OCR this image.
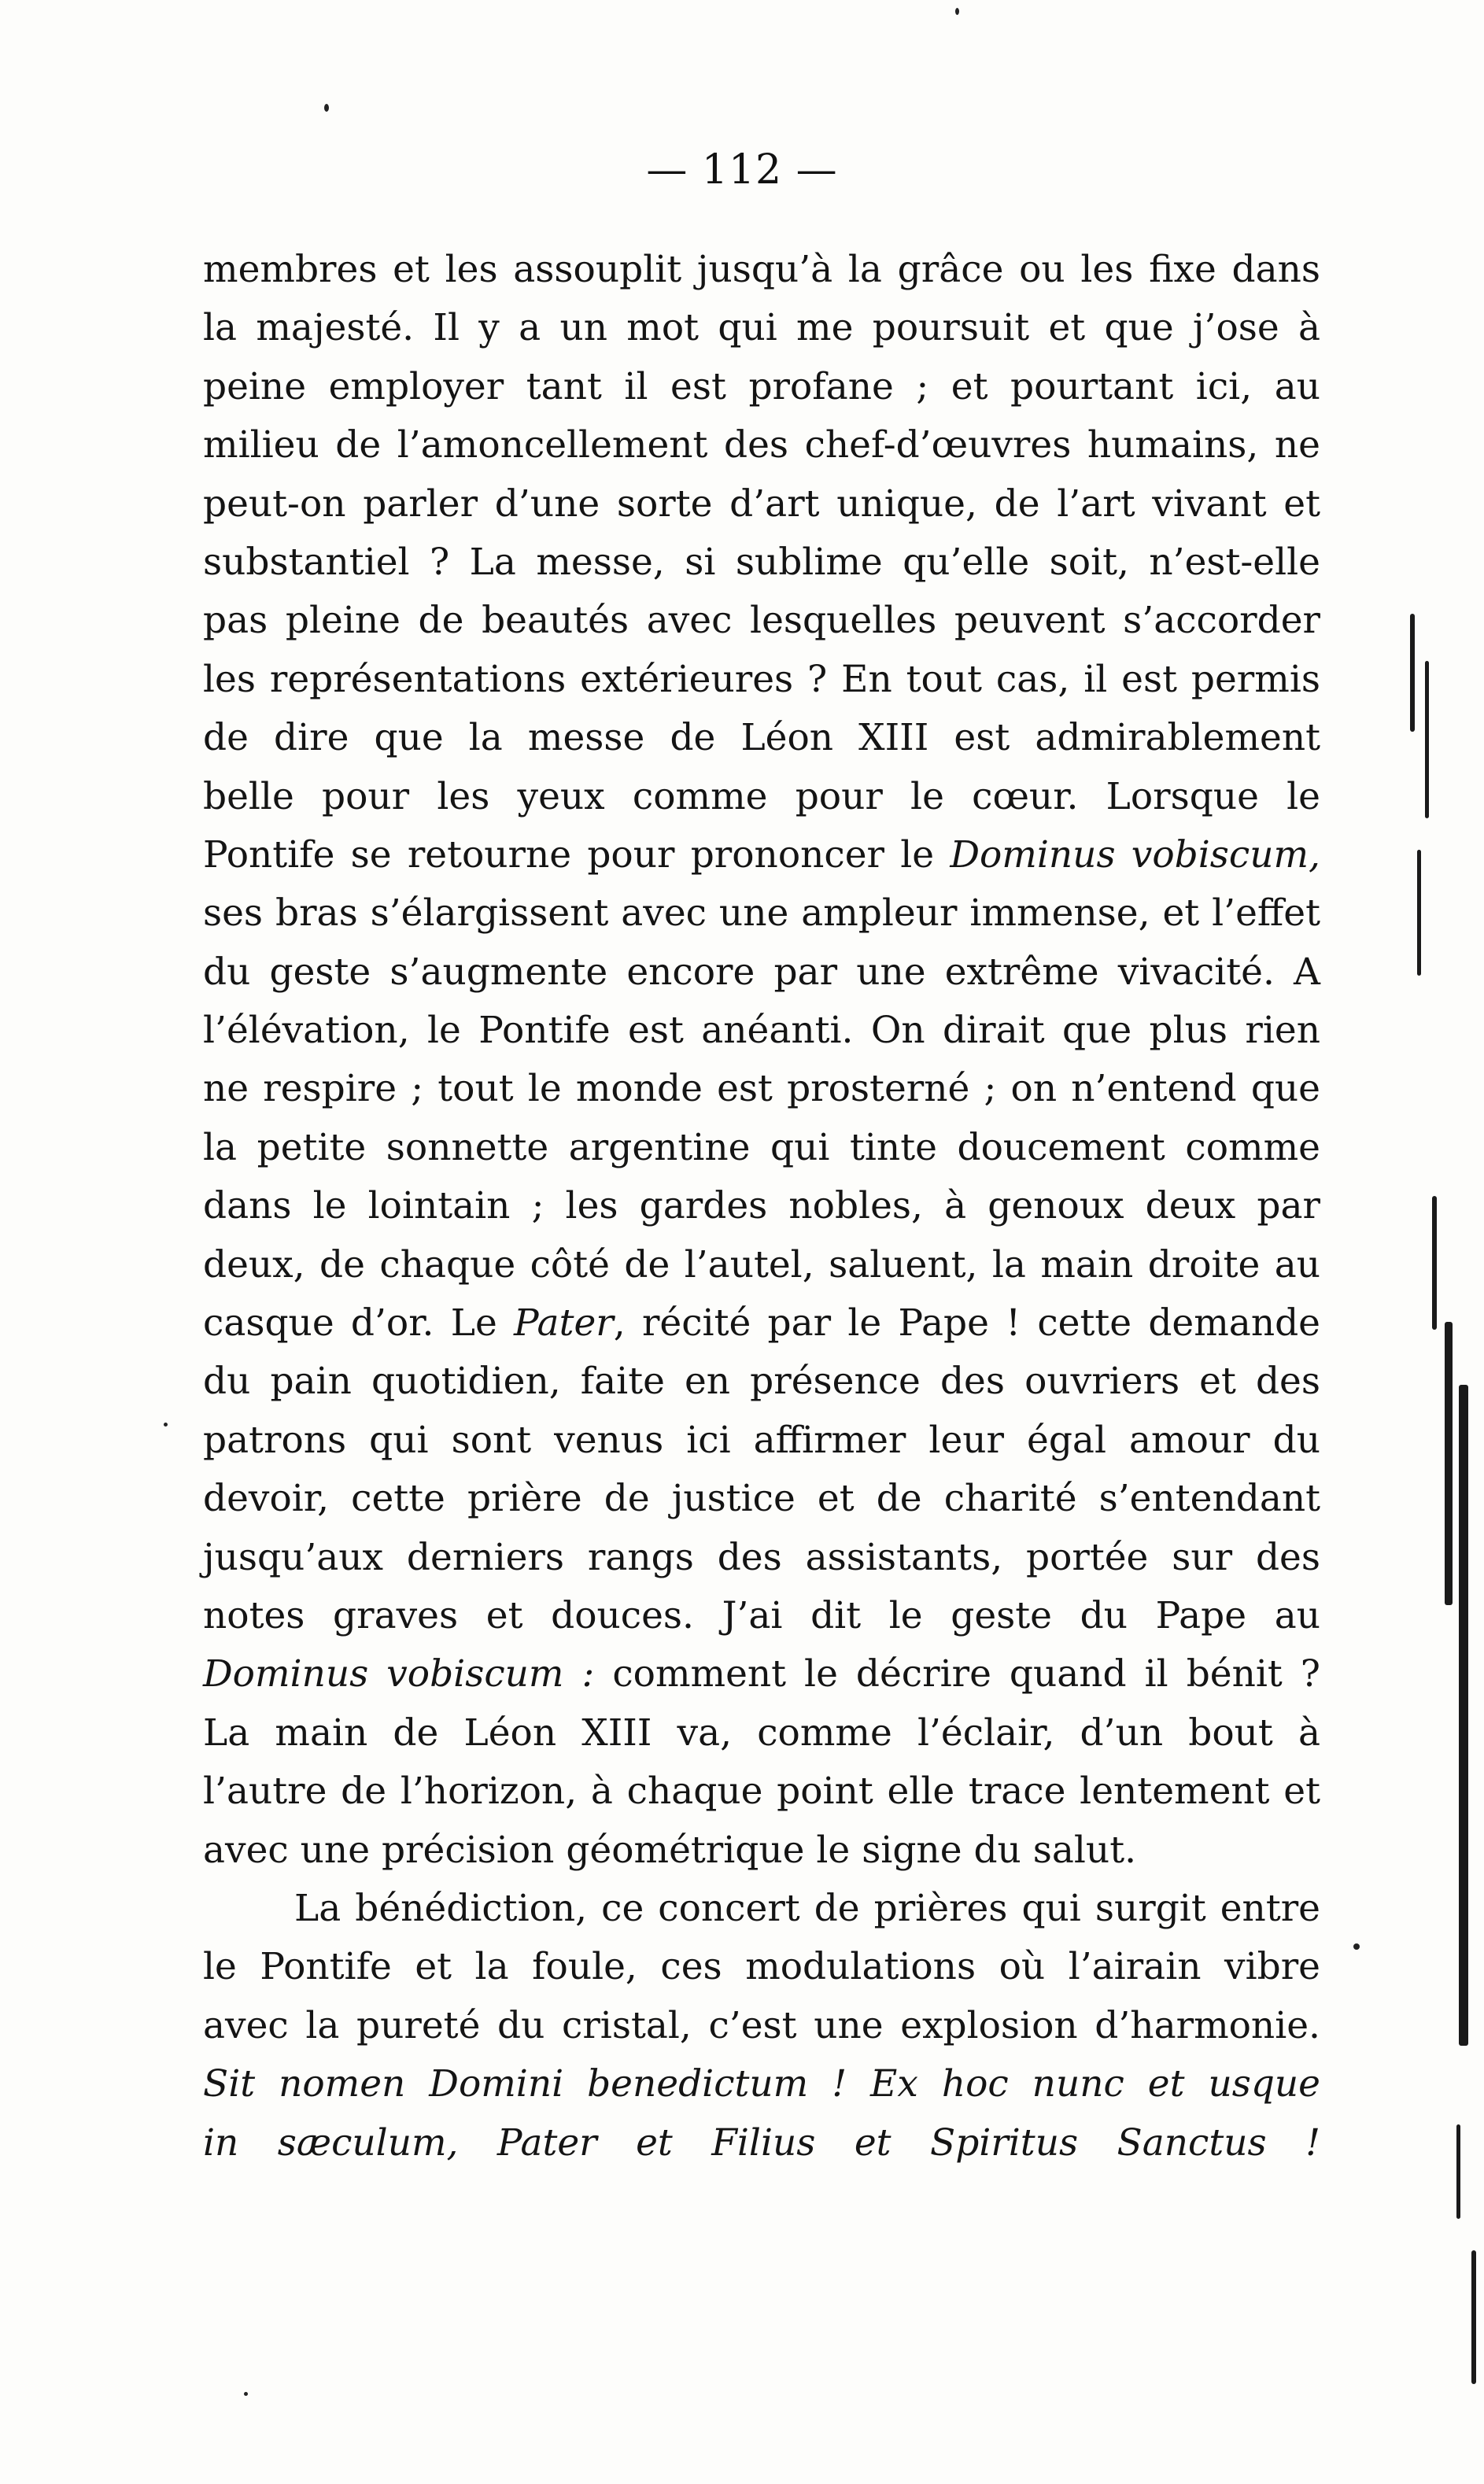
— 112 —
membres et les assouplit jusqu’à la grâce ou les fixe dans
la majesté. Il y a un mot qui me poursuit et que j’ose à
peine employer tant il est profane ; et pourtant ici, au
milieu de l’amoncellement des chef-d’œuvres humains, ne
peut-on parler d’une sorte d’art unique, de l’art vivant et
substantiel ? La messe, si sublime qu’elle soit, n’est-elle
pas pleine de beautés avec lesquelles peuvent s’accorder
les représentations extérieures ? En tout cas, il est permis
de dire que la messe de Léon XIII est admirablement
belle pour les yeux comme pour le cœur. Lorsque le
Pontife se retourne pour prononcer le Dominus vobiscum,
ses bras s’élargissent avec une ampleur immense, et l’effet
du geste s’augmente encore par une extrême vivacité. A
l’élévation, le Pontife est anéanti. On dirait que plus rien
ne respire ; tout le monde est prosterné ; on n’entend que
la petite sonnette argentine qui tinte doucement comme
dans le lointain ; les gardes nobles, à genoux deux par
deux, de chaque côté de l’autel, saluent, la main droite au
casque d’or. Le Pater, récité par le Pape ! cette demande
du pain quotidien, faite en présence des ouvriers et des
patrons qui sont venus ici affirmer leur égal amour du
devoir, cette prière de justice et de charité s’entendant
jusqu’aux derniers rangs des assistants, portée sur des
notes graves et douces. J’ai dit le geste du Pape au
Dominus vobiscum : comment le décrire quand il bénit ?
La main de Léon XIII va, comme l’éclair, d’un bout à
l’autre de l’horizon, à chaque point elle trace lentement et
avec une précision géométrique le signe du salut.
La bénédiction, ce concert de prières qui surgit entre
le Pontife et la foule, ces modulations où l’airain vibre
avec la pureté du cristal, c’est une explosion d’harmonie.
Sit nomen Domini benedictum ! Ex hoc nunc et usque
in sæculum, Pater et Filius et Spiritus Sanctus !
